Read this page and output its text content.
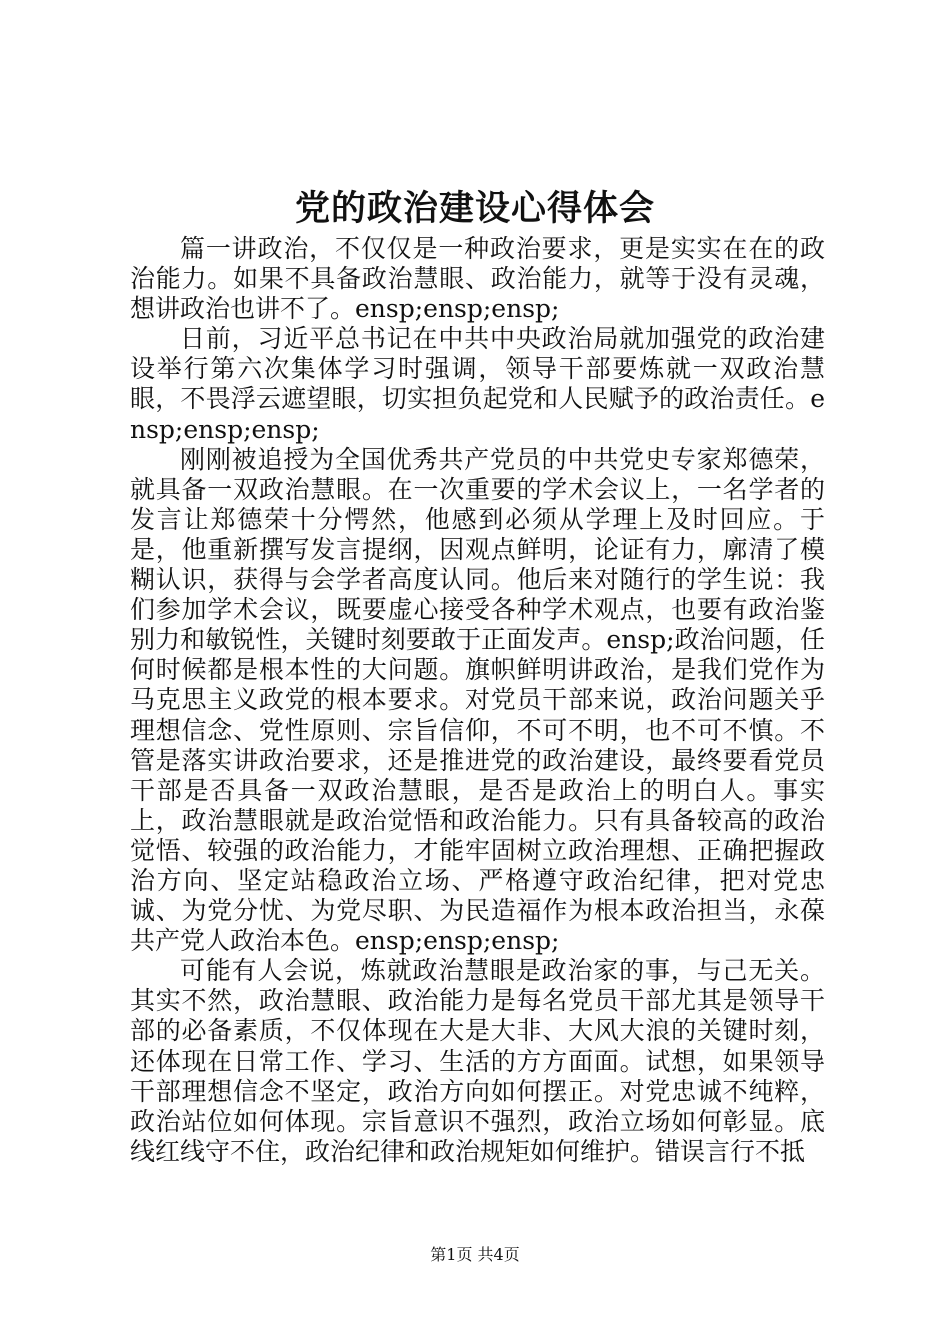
党的政治建设心得体会

篇一讲政治，不仅仅是一种政治要求，更是实实在在的政治能力。如果不具备政治慧眼、政治能力，就等于没有灵魂，想讲政治也讲不了。ensp;ensp;ensp;

日前，习近平总书记在中共中央政治局就加强党的政治建设举行第六次集体学习时强调，领导干部要炼就一双政治慧眼，不畏浮云遮望眼，切实担负起党和人民赋予的政治责任。ensp;ensp;ensp;

刚刚被追授为全国优秀共产党员的中共党史专家郑德荣，就具备一双政治慧眼。在一次重要的学术会议上，一名学者的发言让郑德荣十分愕然，他感到必须从学理上及时回应。于是，他重新撰写发言提纲，因观点鲜明，论证有力，廓清了模糊认识，获得与会学者高度认同。他后来对随行的学生说：我们参加学术会议，既要虚心接受各种学术观点，也要有政治鉴别力和敏锐性，关键时刻要敢于正面发声。ensp;政治问题，任何时候都是根本性的大问题。旗帜鲜明讲政治，是我们党作为马克思主义政党的根本要求。对党员干部来说，政治问题关乎理想信念、党性原则、宗旨信仰，不可不明，也不可不慎。不管是落实讲政治要求，还是推进党的政治建设，最终要看党员干部是否具备一双政治慧眼，是否是政治上的明白人。事实上，政治慧眼就是政治觉悟和政治能力。只有具备较高的政治觉悟、较强的政治能力，才能牢固树立政治理想、正确把握政治方向、坚定站稳政治立场、严格遵守政治纪律，把对党忠诚、为党分忧、为党尽职、为民造福作为根本政治担当，永葆共产党人政治本色。ensp;ensp;ensp;

可能有人会说，炼就政治慧眼是政治家的事，与己无关。其实不然，政治慧眼、政治能力是每名党员干部尤其是领导干部的必备素质，不仅体现在大是大非、大风大浪的关键时刻，还体现在日常工作、学习、生活的方方面面。试想，如果领导干部理想信念不坚定，政治方向如何摆正。对党忠诚不纯粹，政治站位如何体现。宗旨意识不强烈，政治立场如何彰显。底线红线守不住，政治纪律和政治规矩如何维护。错误言行不抵

第1页 共4页
